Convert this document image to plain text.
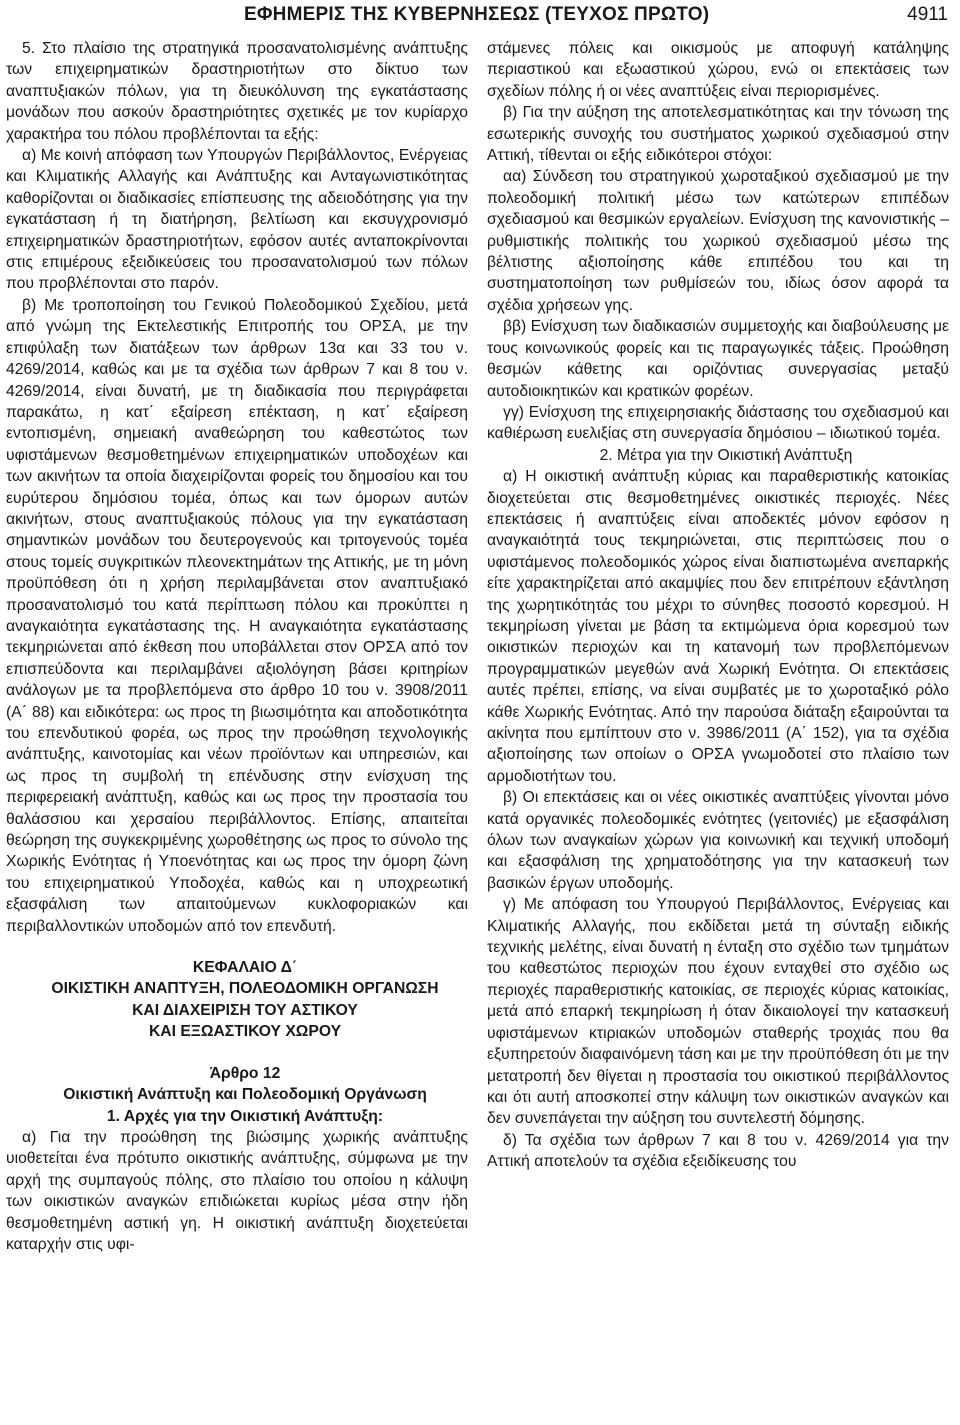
ΕΦΗΜΕΡΙΣ ΤΗΣ ΚΥΒΕΡΝΗΣΕΩΣ (ΤΕΥΧΟΣ ΠΡΩΤΟ)	4911

5. Στο πλαίσιο της στρατηγικά προσανατολισμένης ανάπτυξης των επιχειρηματικών δραστηριοτήτων στο δίκτυο των αναπτυξιακών πόλων, για τη διευκόλυνση της εγκατάστασης μονάδων που ασκούν δραστηριότητες σχετικές με τον κυρίαρχο χαρακτήρα του πόλου προβλέπονται τα εξής:

α) Με κοινή απόφαση των Υπουργών Περιβάλλοντος, Ενέργειας και Κλιματικής Αλλαγής και Ανάπτυξης και Ανταγωνιστικότητας καθορίζονται οι διαδικασίες επίσπευσης της αδειοδότησης για την εγκατάσταση ή τη διατήρηση, βελτίωση και εκσυγχρονισμό επιχειρηματικών δραστηριοτήτων, εφόσον αυτές ανταποκρίνονται στις επιμέρους εξειδικεύσεις του προσανατολισμού των πόλων που προβλέπονται στο παρόν.

β) Με τροποποίηση του Γενικού Πολεοδομικού Σχεδίου, μετά από γνώμη της Εκτελεστικής Επιτροπής του ΟΡΣΑ, με την επιφύλαξη των διατάξεων των άρθρων 13α και 33 του ν. 4269/2014, καθώς και με τα σχέδια των άρθρων 7 και 8 του ν. 4269/2014, είναι δυνατή, με τη διαδικασία που περιγράφεται παρακάτω, η κατ΄ εξαίρεση επέκταση, η κατ΄ εξαίρεση εντοπισμένη, σημειακή αναθεώρηση του καθεστώτος των υφιστάμενων θεσμοθετημένων επιχειρηματικών υποδοχέων και των ακινήτων τα οποία διαχειρίζονται φορείς του δημοσίου και του ευρύτερου δημόσιου τομέα, όπως και των όμορων αυτών ακινήτων, στους αναπτυξιακούς πόλους για την εγκατάσταση σημαντικών μονάδων του δευτερογενούς και τριτογενούς τομέα στους τομείς συγκριτικών πλεονεκτημάτων της Αττικής, με τη μόνη προϋπόθεση ότι η χρήση περιλαμβάνεται στον αναπτυξιακό προσανατολισμό του κατά περίπτωση πόλου και προκύπτει η αναγκαιότητα εγκατάστασης της. Η αναγκαιότητα εγκατάστασης τεκμηριώνεται από έκθεση που υποβάλλεται στον ΟΡΣΑ από τον επισπεύδοντα και περιλαμβάνει αξιολόγηση βάσει κριτηρίων ανάλογων με τα προβλεπόμενα στο άρθρο 10 του ν. 3908/2011 (Α΄ 88) και ειδικότερα: ως προς τη βιωσιμότητα και αποδοτικότητα του επενδυτικού φορέα, ως προς την προώθηση τεχνολογικής ανάπτυξης, καινοτομίας και νέων προϊόντων και υπηρεσιών, και ως προς τη συμβολή τη επένδυσης στην ενίσχυση της περιφερειακή ανάπτυξη, καθώς και ως προς την προστασία του θαλάσσιου και χερσαίου περιβάλλοντος. Επίσης, απαιτείται θεώρηση της συγκεκριμένης χωροθέτησης ως προς το σύνολο της Χωρικής Ενότητας ή Υποενότητας και ως προς την όμορη ζώνη του επιχειρηματικού Υποδοχέα, καθώς και η υποχρεωτική εξασφάλιση των απαιτούμενων κυκλοφοριακών και περιβαλλοντικών υποδομών από τον επενδυτή.

ΚΕΦΑΛΑΙΟ Δ΄

ΟΙΚΙΣΤΙΚΗ ΑΝΑΠΤΥΞΗ, ΠΟΛΕΟΔΟΜΙΚΗ ΟΡΓΑΝΩΣΗ

ΚΑΙ ΔΙΑΧΕΙΡΙΣΗ ΤΟΥ ΑΣΤΙΚΟΥ

ΚΑΙ ΕΞΩΑΣΤΙΚΟΥ ΧΩΡΟΥ

Άρθρο 12

Οικιστική Ανάπτυξη και Πολεοδομική Οργάνωση

1. Αρχές για την Οικιστική Ανάπτυξη:

α) Για την προώθηση της βιώσιμης χωρικής ανάπτυξης υιοθετείται ένα πρότυπο οικιστικής ανάπτυξης, σύμφωνα με την αρχή της συμπαγούς πόλης, στο πλαίσιο του οποίου η κάλυψη των οικιστικών αναγκών επιδιώκεται κυρίως μέσα στην ήδη θεσμοθετημένη αστική γη. Η οικιστική ανάπτυξη διοχετεύεται καταρχήν στις υφι-

στάμενες πόλεις και οικισμούς με αποφυγή κατάληψης περιαστικού και εξωαστικού χώρου, ενώ οι επεκτάσεις των σχεδίων πόλης ή οι νέες αναπτύξεις είναι περιορισμένες.

β) Για την αύξηση της αποτελεσματικότητας και την τόνωση της εσωτερικής συνοχής του συστήματος χωρικού σχεδιασμού στην Αττική, τίθενται οι εξής ειδικότεροι στόχοι:

αα) Σύνδεση του στρατηγικού χωροταξικού σχεδιασμού με την πολεοδομική πολιτική μέσω των κατώτερων επιπέδων σχεδιασμού και θεσμικών εργαλείων. Ενίσχυση της κανονιστικής – ρυθμιστικής πολιτικής του χωρικού σχεδιασμού μέσω της βέλτιστης αξιοποίησης κάθε επιπέδου του και τη συστηματοποίηση των ρυθμίσεών του, ιδίως όσον αφορά τα σχέδια χρήσεων γης.

ββ) Ενίσχυση των διαδικασιών συμμετοχής και διαβούλευσης με τους κοινωνικούς φορείς και τις παραγωγικές τάξεις. Προώθηση θεσμών κάθετης και οριζόντιας συνεργασίας μεταξύ αυτοδιοικητικών και κρατικών φορέων.

γγ) Ενίσχυση της επιχειρησιακής διάστασης του σχεδιασμού και καθιέρωση ευελιξίας στη συνεργασία δημόσιου – ιδιωτικού τομέα.

2. Μέτρα για την Οικιστική Ανάπτυξη

α) Η οικιστική ανάπτυξη κύριας και παραθεριστικής κατοικίας διοχετεύεται στις θεσμοθετημένες οικιστικές περιοχές. Νέες επεκτάσεις ή αναπτύξεις είναι αποδεκτές μόνον εφόσον η αναγκαιότητά τους τεκμηριώνεται, στις περιπτώσεις που ο υφιστάμενος πολεοδομικός χώρος είναι διαπιστωμένα ανεπαρκής είτε χαρακτηρίζεται από ακαμψίες που δεν επιτρέπουν εξάντληση της χωρητικότητάς του μέχρι το σύνηθες ποσοστό κορεσμού. Η τεκμηρίωση γίνεται με βάση τα εκτιμώμενα όρια κορεσμού των οικιστικών περιοχών και τη κατανομή των προβλεπόμενων προγραμματικών μεγεθών ανά Χωρική Ενότητα. Οι επεκτάσεις αυτές πρέπει, επίσης, να είναι συμβατές με το χωροταξικό ρόλο κάθε Χωρικής Ενότητας. Από την παρούσα διάταξη εξαιρούνται τα ακίνητα που εμπίπτουν στο ν. 3986/2011 (Α΄ 152), για τα σχέδια αξιοποίησης των οποίων ο ΟΡΣΑ γνωμοδοτεί στο πλαίσιο των αρμοδιοτήτων του.

β) Οι επεκτάσεις και οι νέες οικιστικές αναπτύξεις γίνονται μόνο κατά οργανικές πολεοδομικές ενότητες (γειτονιές) με εξασφάλιση όλων των αναγκαίων χώρων για κοινωνική και τεχνική υποδομή και εξασφάλιση της χρηματοδότησης για την κατασκευή των βασικών έργων υποδομής.

γ) Με απόφαση του Υπουργού Περιβάλλοντος, Ενέργειας και Κλιματικής Αλλαγής, που εκδίδεται μετά τη σύνταξη ειδικής τεχνικής μελέτης, είναι δυνατή η ένταξη στο σχέδιο των τμημάτων του καθεστώτος περιοχών που έχουν ενταχθεί στο σχέδιο ως περιοχές παραθεριστικής κατοικίας, σε περιοχές κύριας κατοικίας, μετά από επαρκή τεκμηρίωση ή όταν δικαιολογεί την κατασκευή υφιστάμενων κτιριακών υποδομών σταθερής τροχιάς που θα εξυπηρετούν διαφαινόμενη τάση και με την προϋπόθεση ότι με την μετατροπή δεν θίγεται η προστασία του οικιστικού περιβάλλοντος και ότι αυτή αποσκοπεί στην κάλυψη των οικιστικών αναγκών και δεν συνεπάγεται την αύξηση του συντελεστή δόμησης.

δ) Τα σχέδια των άρθρων 7 και 8 του ν. 4269/2014 για την Αττική αποτελούν τα σχέδια εξειδίκευσης του
